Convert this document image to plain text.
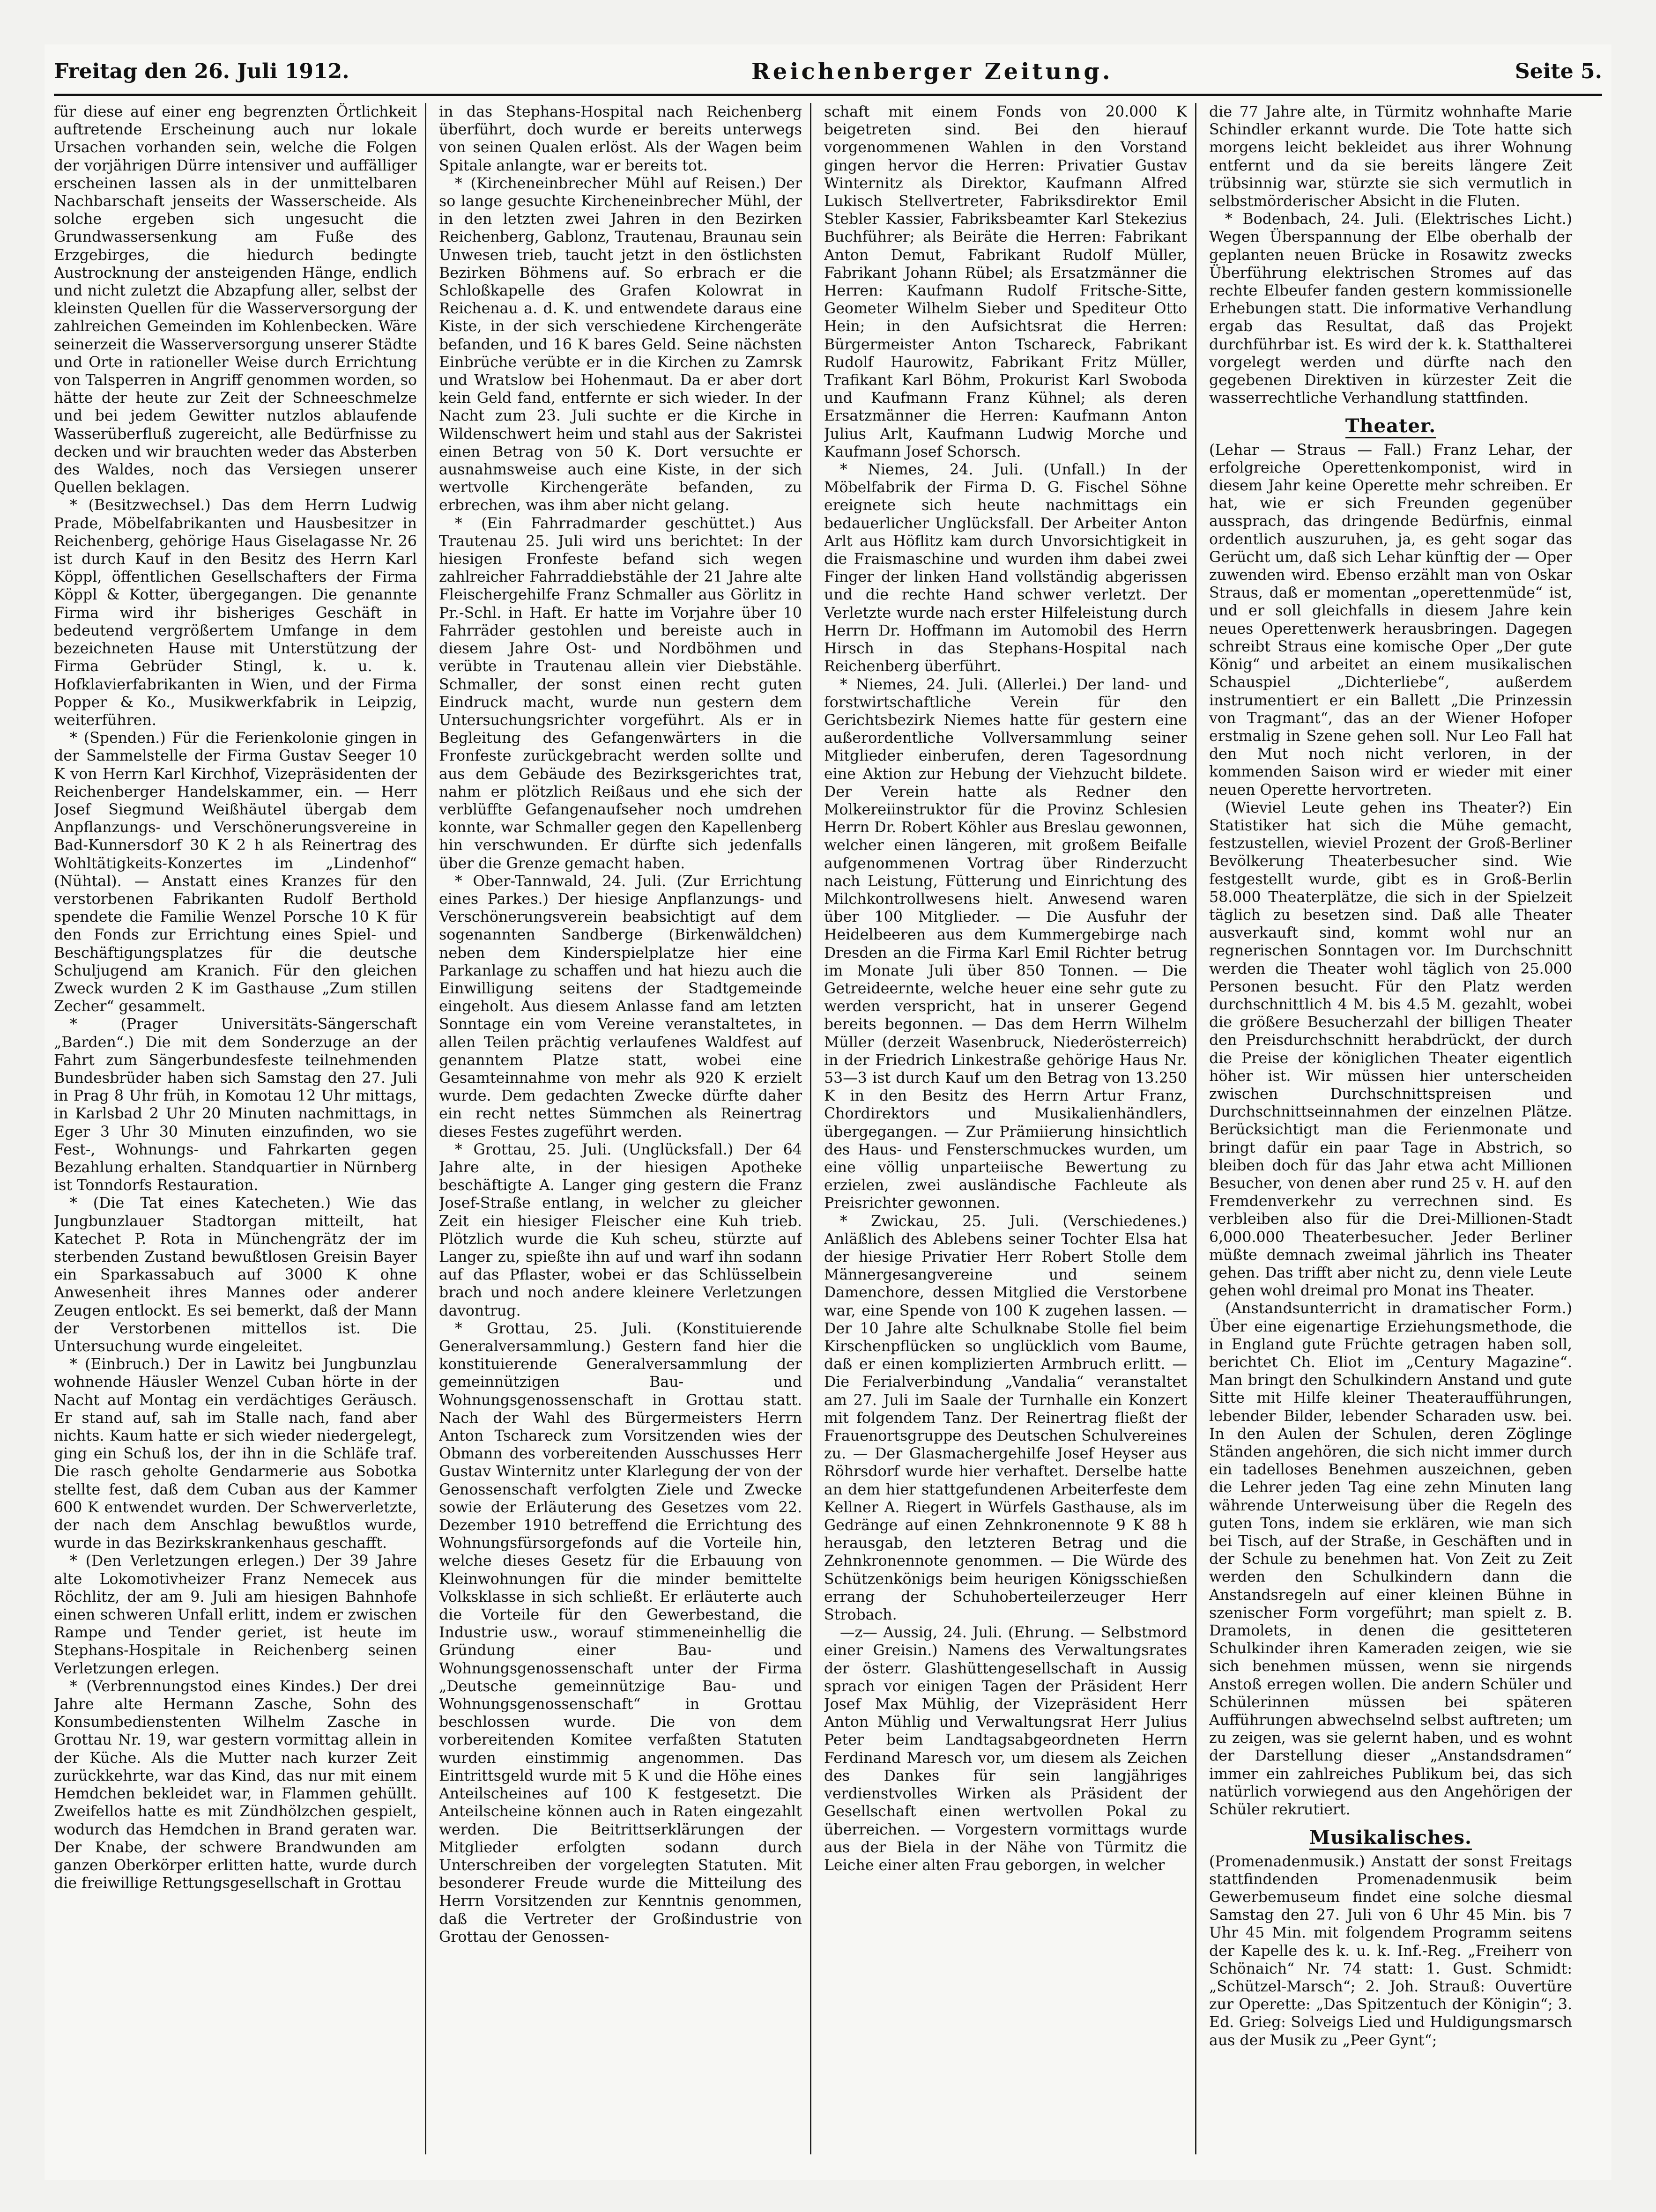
Freitag den 26. Juli 1912.	Reichenberger Zeitung.	Seite 5.

für diese auf einer eng begrenzten Örtlichkeit auftretende Erscheinung auch nur lokale Ursachen vorhanden sein, welche die Folgen der vorjährigen Dürre intensiver und auffälliger erscheinen lassen als in der unmittelbaren Nachbarschaft jenseits der Wasserscheide. Als solche ergeben sich ungesucht die Grundwassersenkung am Fuße des Erzgebirges, die hiedurch bedingte Austrocknung der ansteigenden Hänge, endlich und nicht zuletzt die Abzapfung aller, selbst der kleinsten Quellen für die Wasserversorgung der zahlreichen Gemeinden im Kohlenbecken. Wäre seinerzeit die Wasserversorgung unserer Städte und Orte in rationeller Weise durch Errichtung von Talsperren in Angriff genommen worden, so hätte der heute zur Zeit der Schneeschmelze und bei jedem Gewitter nutzlos ablaufende Wasserüberfluß zugereicht, alle Bedürfnisse zu decken und wir brauchten weder das Absterben des Waldes, noch das Versiegen unserer Quellen beklagen.

* (Besitzwechsel.) Das dem Herrn Ludwig Prade, Möbelfabrikanten und Hausbesitzer in Reichenberg, gehörige Haus Giselagasse Nr. 26 ist durch Kauf in den Besitz des Herrn Karl Köppl, öffentlichen Gesellschafters der Firma Köppl & Kotter, übergegangen. Die genannte Firma wird ihr bisheriges Geschäft in bedeutend vergrößertem Umfange in dem bezeichneten Hause mit Unterstützung der Firma Gebrüder Stingl, k. u. k. Hofklavierfabrikanten in Wien, und der Firma Popper & Ko., Musikwerkfabrik in Leipzig, weiterführen.

* (Spenden.) Für die Ferienkolonie gingen in der Sammelstelle der Firma Gustav Seeger 10 K von Herrn Karl Kirchhof, Vizepräsidenten der Reichenberger Handelskammer, ein. — Herr Josef Siegmund Weißhäutel übergab dem Anpflanzungs- und Verschönerungsvereine in Bad-Kunnersdorf 30 K 2 h als Reinertrag des Wohltätigkeits-Konzertes im „Lindenhof“ (Nühtal). — Anstatt eines Kranzes für den verstorbenen Fabrikanten Rudolf Berthold spendete die Familie Wenzel Porsche 10 K für den Fonds zur Errichtung eines Spiel- und Beschäftigungsplatzes für die deutsche Schuljugend am Kranich. Für den gleichen Zweck wurden 2 K im Gasthause „Zum stillen Zecher“ gesammelt.

* (Prager Universitäts-Sängerschaft „Barden“.) Die mit dem Sonderzuge an der Fahrt zum Sängerbundesfeste teilnehmenden Bundesbrüder haben sich Samstag den 27. Juli in Prag 8 Uhr früh, in Komotau 12 Uhr mittags, in Karlsbad 2 Uhr 20 Minuten nachmittags, in Eger 3 Uhr 30 Minuten einzufinden, wo sie Fest-, Wohnungs- und Fahrkarten gegen Bezahlung erhalten. Standquartier in Nürnberg ist Tonndorfs Restauration.

* (Die Tat eines Katecheten.) Wie das Jungbunzlauer Stadtorgan mitteilt, hat Katechet P. Rota in Münchengrätz der im sterbenden Zustand bewußtlosen Greisin Bayer ein Sparkassabuch auf 3000 K ohne Anwesenheit ihres Mannes oder anderer Zeugen entlockt. Es sei bemerkt, daß der Mann der Verstorbenen mittellos ist. Die Untersuchung wurde eingeleitet.

* (Einbruch.) Der in Lawitz bei Jungbunzlau wohnende Häusler Wenzel Cuban hörte in der Nacht auf Montag ein verdächtiges Geräusch. Er stand auf, sah im Stalle nach, fand aber nichts. Kaum hatte er sich wieder niedergelegt, ging ein Schuß los, der ihn in die Schläfe traf. Die rasch geholte Gendarmerie aus Sobotka stellte fest, daß dem Cuban aus der Kammer 600 K entwendet wurden. Der Schwerverletzte, der nach dem Anschlag bewußtlos wurde, wurde in das Bezirkskrankenhaus geschafft.

* (Den Verletzungen erlegen.) Der 39 Jahre alte Lokomotivheizer Franz Nemecek aus Röchlitz, der am 9. Juli am hiesigen Bahnhofe einen schweren Unfall erlitt, indem er zwischen Rampe und Tender geriet, ist heute im Stephans-Hospitale in Reichenberg seinen Verletzungen erlegen.

* (Verbrennungstod eines Kindes.) Der drei Jahre alte Hermann Zasche, Sohn des Konsumbedienstenten Wilhelm Zasche in Grottau Nr. 19, war gestern vormittag allein in der Küche. Als die Mutter nach kurzer Zeit zurückkehrte, war das Kind, das nur mit einem Hemdchen bekleidet war, in Flammen gehüllt. Zweifellos hatte es mit Zündhölzchen gespielt, wodurch das Hemdchen in Brand geraten war. Der Knabe, der schwere Brandwunden am ganzen Oberkörper erlitten hatte, wurde durch die freiwillige Rettungsgesellschaft in Grottau

in das Stephans-Hospital nach Reichenberg überführt, doch wurde er bereits unterwegs von seinen Qualen erlöst. Als der Wagen beim Spitale anlangte, war er bereits tot.

* (Kircheneinbrecher Mühl auf Reisen.) Der so lange gesuchte Kircheneinbrecher Mühl, der in den letzten zwei Jahren in den Bezirken Reichenberg, Gablonz, Trautenau, Braunau sein Unwesen trieb, taucht jetzt in den östlichsten Bezirken Böhmens auf. So erbrach er die Schloßkapelle des Grafen Kolowrat in Reichenau a. d. K. und entwendete daraus eine Kiste, in der sich verschiedene Kirchengeräte befanden, und 16 K bares Geld. Seine nächsten Einbrüche verübte er in die Kirchen zu Zamrsk und Wratslow bei Hohenmaut. Da er aber dort kein Geld fand, entfernte er sich wieder. In der Nacht zum 23. Juli suchte er die Kirche in Wildenschwert heim und stahl aus der Sakristei einen Betrag von 50 K. Dort versuchte er ausnahmsweise auch eine Kiste, in der sich wertvolle Kirchengeräte befanden, zu erbrechen, was ihm aber nicht gelang.

* (Ein Fahrradmarder geschüttet.) Aus Trautenau 25. Juli wird uns berichtet: In der hiesigen Fronfeste befand sich wegen zahlreicher Fahrraddiebstähle der 21 Jahre alte Fleischergehilfe Franz Schmaller aus Görlitz in Pr.-Schl. in Haft. Er hatte im Vorjahre über 10 Fahrräder gestohlen und bereiste auch in diesem Jahre Ost- und Nordböhmen und verübte in Trautenau allein vier Diebstähle. Schmaller, der sonst einen recht guten Eindruck macht, wurde nun gestern dem Untersuchungsrichter vorgeführt. Als er in Begleitung des Gefangenwärters in die Fronfeste zurückgebracht werden sollte und aus dem Gebäude des Bezirksgerichtes trat, nahm er plötzlich Reißaus und ehe sich der verblüffte Gefangenaufseher noch umdrehen konnte, war Schmaller gegen den Kapellenberg hin verschwunden. Er dürfte sich jedenfalls über die Grenze gemacht haben.

* Ober-Tannwald, 24. Juli. (Zur Errichtung eines Parkes.) Der hiesige Anpflanzungs- und Verschönerungsverein beabsichtigt auf dem sogenannten Sandberge (Birkenwäldchen) neben dem Kinderspielplatze hier eine Parkanlage zu schaffen und hat hiezu auch die Einwilligung seitens der Stadtgemeinde eingeholt. Aus diesem Anlasse fand am letzten Sonntage ein vom Vereine veranstaltetes, in allen Teilen prächtig verlaufenes Waldfest auf genanntem Platze statt, wobei eine Gesamteinnahme von mehr als 920 K erzielt wurde. Dem gedachten Zwecke dürfte daher ein recht nettes Sümmchen als Reinertrag dieses Festes zugeführt werden.

* Grottau, 25. Juli. (Unglücksfall.) Der 64 Jahre alte, in der hiesigen Apotheke beschäftigte A. Langer ging gestern die Franz Josef-Straße entlang, in welcher zu gleicher Zeit ein hiesiger Fleischer eine Kuh trieb. Plötzlich wurde die Kuh scheu, stürzte auf Langer zu, spießte ihn auf und warf ihn sodann auf das Pflaster, wobei er das Schlüsselbein brach und noch andere kleinere Verletzungen davontrug.

* Grottau, 25. Juli. (Konstituierende Generalversammlung.) Gestern fand hier die konstituierende Generalversammlung der gemeinnützigen Bau- und Wohnungsgenossenschaft in Grottau statt. Nach der Wahl des Bürgermeisters Herrn Anton Tschareck zum Vorsitzenden wies der Obmann des vorbereitenden Ausschusses Herr Gustav Winternitz unter Klarlegung der von der Genossenschaft verfolgten Ziele und Zwecke sowie der Erläuterung des Gesetzes vom 22. Dezember 1910 betreffend die Errichtung des Wohnungsfürsorgefonds auf die Vorteile hin, welche dieses Gesetz für die Erbauung von Kleinwohnungen für die minder bemittelte Volksklasse in sich schließt. Er erläuterte auch die Vorteile für den Gewerbestand, die Industrie usw., worauf stimmeneinhellig die Gründung einer Bau- und Wohnungsgenossenschaft unter der Firma „Deutsche gemeinnützige Bau- und Wohnungsgenossenschaft“ in Grottau beschlossen wurde. Die von dem vorbereitenden Komitee verfaßten Statuten wurden einstimmig angenommen. Das Eintrittsgeld wurde mit 5 K und die Höhe eines Anteilscheines auf 100 K festgesetzt. Die Anteilscheine können auch in Raten eingezahlt werden. Die Beitrittserklärungen der Mitglieder erfolgten sodann durch Unterschreiben der vorgelegten Statuten. Mit besonderer Freude wurde die Mitteilung des Herrn Vorsitzenden zur Kenntnis genommen, daß die Vertreter der Großindustrie von Grottau der Genossen-

schaft mit einem Fonds von 20.000 K beigetreten sind. Bei den hierauf vorgenommenen Wahlen in den Vorstand gingen hervor die Herren: Privatier Gustav Winternitz als Direktor, Kaufmann Alfred Lukisch Stellvertreter, Fabriksdirektor Emil Stebler Kassier, Fabriksbeamter Karl Stekezius Buchführer; als Beiräte die Herren: Fabrikant Anton Demut, Fabrikant Rudolf Müller, Fabrikant Johann Rübel; als Ersatzmänner die Herren: Kaufmann Rudolf Fritsche-Sitte, Geometer Wilhelm Sieber und Spediteur Otto Hein; in den Aufsichtsrat die Herren: Bürgermeister Anton Tschareck, Fabrikant Rudolf Haurowitz, Fabrikant Fritz Müller, Trafikant Karl Böhm, Prokurist Karl Swoboda und Kaufmann Franz Kühnel; als deren Ersatzmänner die Herren: Kaufmann Anton Julius Arlt, Kaufmann Ludwig Morche und Kaufmann Josef Schorsch.

* Niemes, 24. Juli. (Unfall.) In der Möbelfabrik der Firma D. G. Fischel Söhne ereignete sich heute nachmittags ein bedauerlicher Unglücksfall. Der Arbeiter Anton Arlt aus Höflitz kam durch Unvorsichtigkeit in die Fraismaschine und wurden ihm dabei zwei Finger der linken Hand vollständig abgerissen und die rechte Hand schwer verletzt. Der Verletzte wurde nach erster Hilfeleistung durch Herrn Dr. Hoffmann im Automobil des Herrn Hirsch in das Stephans-Hospital nach Reichenberg überführt.

* Niemes, 24. Juli. (Allerlei.) Der land- und forstwirtschaftliche Verein für den Gerichtsbezirk Niemes hatte für gestern eine außerordentliche Vollversammlung seiner Mitglieder einberufen, deren Tagesordnung eine Aktion zur Hebung der Viehzucht bildete. Der Verein hatte als Redner den Molkereiinstruktor für die Provinz Schlesien Herrn Dr. Robert Köhler aus Breslau gewonnen, welcher einen längeren, mit großem Beifalle aufgenommenen Vortrag über Rinderzucht nach Leistung, Fütterung und Einrichtung des Milchkontrollwesens hielt. Anwesend waren über 100 Mitglieder. — Die Ausfuhr der Heidelbeeren aus dem Kummergebirge nach Dresden an die Firma Karl Emil Richter betrug im Monate Juli über 850 Tonnen. — Die Getreideernte, welche heuer eine sehr gute zu werden verspricht, hat in unserer Gegend bereits begonnen. — Das dem Herrn Wilhelm Müller (derzeit Wasenbruck, Niederösterreich) in der Friedrich Linkestraße gehörige Haus Nr. 53—3 ist durch Kauf um den Betrag von 13.250 K in den Besitz des Herrn Artur Franz, Chordirektors und Musikalienhändlers, übergegangen. — Zur Prämiierung hinsichtlich des Haus- und Fensterschmuckes wurden, um eine völlig unparteiische Bewertung zu erzielen, zwei ausländische Fachleute als Preisrichter gewonnen.

* Zwickau, 25. Juli. (Verschiedenes.) Anläßlich des Ablebens seiner Tochter Elsa hat der hiesige Privatier Herr Robert Stolle dem Männergesangvereine und seinem Damenchore, dessen Mitglied die Verstorbene war, eine Spende von 100 K zugehen lassen. — Der 10 Jahre alte Schulknabe Stolle fiel beim Kirschenpflücken so unglücklich vom Baume, daß er einen komplizierten Armbruch erlitt. — Die Ferialverbindung „Vandalia“ veranstaltet am 27. Juli im Saale der Turnhalle ein Konzert mit folgendem Tanz. Der Reinertrag fließt der Frauenortsgruppe des Deutschen Schulvereines zu. — Der Glasmachergehilfe Josef Heyser aus Röhrsdorf wurde hier verhaftet. Derselbe hatte an dem hier stattgefundenen Arbeiterfeste dem Kellner A. Riegert in Würfels Gasthause, als im Gedränge auf einen Zehnkronennote 9 K 88 h herausgab, den letzteren Betrag und die Zehnkronennote genommen. — Die Würde des Schützenkönigs beim heurigen Königsschießen errang der Schuhoberteilerzeuger Herr Strobach.

—z— Aussig, 24. Juli. (Ehrung. — Selbstmord einer Greisin.) Namens des Verwaltungsrates der österr. Glashüttengesellschaft in Aussig sprach vor einigen Tagen der Präsident Herr Josef Max Mühlig, der Vizepräsident Herr Anton Mühlig und Verwaltungsrat Herr Julius Peter beim Landtagsabgeordneten Herrn Ferdinand Maresch vor, um diesem als Zeichen des Dankes für sein langjähriges verdienstvolles Wirken als Präsident der Gesellschaft einen wertvollen Pokal zu überreichen. — Vorgestern vormittags wurde aus der Biela in der Nähe von Türmitz die Leiche einer alten Frau geborgen, in welcher

die 77 Jahre alte, in Türmitz wohnhafte Marie Schindler erkannt wurde. Die Tote hatte sich morgens leicht bekleidet aus ihrer Wohnung entfernt und da sie bereits längere Zeit trübsinnig war, stürzte sie sich vermutlich in selbstmörderischer Absicht in die Fluten.

* Bodenbach, 24. Juli. (Elektrisches Licht.) Wegen Überspannung der Elbe oberhalb der geplanten neuen Brücke in Rosawitz zwecks Überführung elektrischen Stromes auf das rechte Elbeufer fanden gestern kommissionelle Erhebungen statt. Die informative Verhandlung ergab das Resultat, daß das Projekt durchführbar ist. Es wird der k. k. Statthalterei vorgelegt werden und dürfte nach den gegebenen Direktiven in kürzester Zeit die wasserrechtliche Verhandlung stattfinden.

Theater.

(Lehar — Straus — Fall.) Franz Lehar, der erfolgreiche Operettenkomponist, wird in diesem Jahr keine Operette mehr schreiben. Er hat, wie er sich Freunden gegenüber aussprach, das dringende Bedürfnis, einmal ordentlich auszuruhen, ja, es geht sogar das Gerücht um, daß sich Lehar künftig der — Oper zuwenden wird. Ebenso erzählt man von Oskar Straus, daß er momentan „operettenmüde“ ist, und er soll gleichfalls in diesem Jahre kein neues Operettenwerk herausbringen. Dagegen schreibt Straus eine komische Oper „Der gute König“ und arbeitet an einem musikalischen Schauspiel „Dichterliebe“, außerdem instrumentiert er ein Ballett „Die Prinzessin von Tragmant“, das an der Wiener Hofoper erstmalig in Szene gehen soll. Nur Leo Fall hat den Mut noch nicht verloren, in der kommenden Saison wird er wieder mit einer neuen Operette hervortreten.

(Wieviel Leute gehen ins Theater?) Ein Statistiker hat sich die Mühe gemacht, festzustellen, wieviel Prozent der Groß-Berliner Bevölkerung Theaterbesucher sind. Wie festgestellt wurde, gibt es in Groß-Berlin 58.000 Theaterplätze, die sich in der Spielzeit täglich zu besetzen sind. Daß alle Theater ausverkauft sind, kommt wohl nur an regnerischen Sonntagen vor. Im Durchschnitt werden die Theater wohl täglich von 25.000 Personen besucht. Für den Platz werden durchschnittlich 4 M. bis 4.5 M. gezahlt, wobei die größere Besucherzahl der billigen Theater den Preisdurchschnitt herabdrückt, der durch die Preise der königlichen Theater eigentlich höher ist. Wir müssen hier unterscheiden zwischen Durchschnittspreisen und Durchschnittseinnahmen der einzelnen Plätze. Berücksichtigt man die Ferienmonate und bringt dafür ein paar Tage in Abstrich, so bleiben doch für das Jahr etwa acht Millionen Besucher, von denen aber rund 25 v. H. auf den Fremdenverkehr zu verrechnen sind. Es verbleiben also für die Drei-Millionen-Stadt 6,000.000 Theaterbesucher. Jeder Berliner müßte demnach zweimal jährlich ins Theater gehen. Das trifft aber nicht zu, denn viele Leute gehen wohl dreimal pro Monat ins Theater.

(Anstandsunterricht in dramatischer Form.) Über eine eigenartige Erziehungsmethode, die in England gute Früchte getragen haben soll, berichtet Ch. Eliot im „Century Magazine“. Man bringt den Schulkindern Anstand und gute Sitte mit Hilfe kleiner Theateraufführungen, lebender Bilder, lebender Scharaden usw. bei. In den Aulen der Schulen, deren Zöglinge Ständen angehören, die sich nicht immer durch ein tadelloses Benehmen auszeichnen, geben die Lehrer jeden Tag eine zehn Minuten lang währende Unterweisung über die Regeln des guten Tons, indem sie erklären, wie man sich bei Tisch, auf der Straße, in Geschäften und in der Schule zu benehmen hat. Von Zeit zu Zeit werden den Schulkindern dann die Anstandsregeln auf einer kleinen Bühne in szenischer Form vorgeführt; man spielt z. B. Dramolets, in denen die gesitteteren Schulkinder ihren Kameraden zeigen, wie sie sich benehmen müssen, wenn sie nirgends Anstoß erregen wollen. Die andern Schüler und Schülerinnen müssen bei späteren Aufführungen abwechselnd selbst auftreten; um zu zeigen, was sie gelernt haben, und es wohnt der Darstellung dieser „Anstandsdramen“ immer ein zahlreiches Publikum bei, das sich natürlich vorwiegend aus den Angehörigen der Schüler rekrutiert.

Musikalisches.

(Promenadenmusik.) Anstatt der sonst Freitags stattfindenden Promenadenmusik beim Gewerbemuseum findet eine solche diesmal Samstag den 27. Juli von 6 Uhr 45 Min. bis 7 Uhr 45 Min. mit folgendem Programm seitens der Kapelle des k. u. k. Inf.-Reg. „Freiherr von Schönaich“ Nr. 74 statt: 1. Gust. Schmidt: „Schützel-Marsch“; 2. Joh. Strauß: Ouvertüre zur Operette: „Das Spitzentuch der Königin“; 3. Ed. Grieg: Solveigs Lied und Huldigungsmarsch aus der Musik zu „Peer Gynt“;
